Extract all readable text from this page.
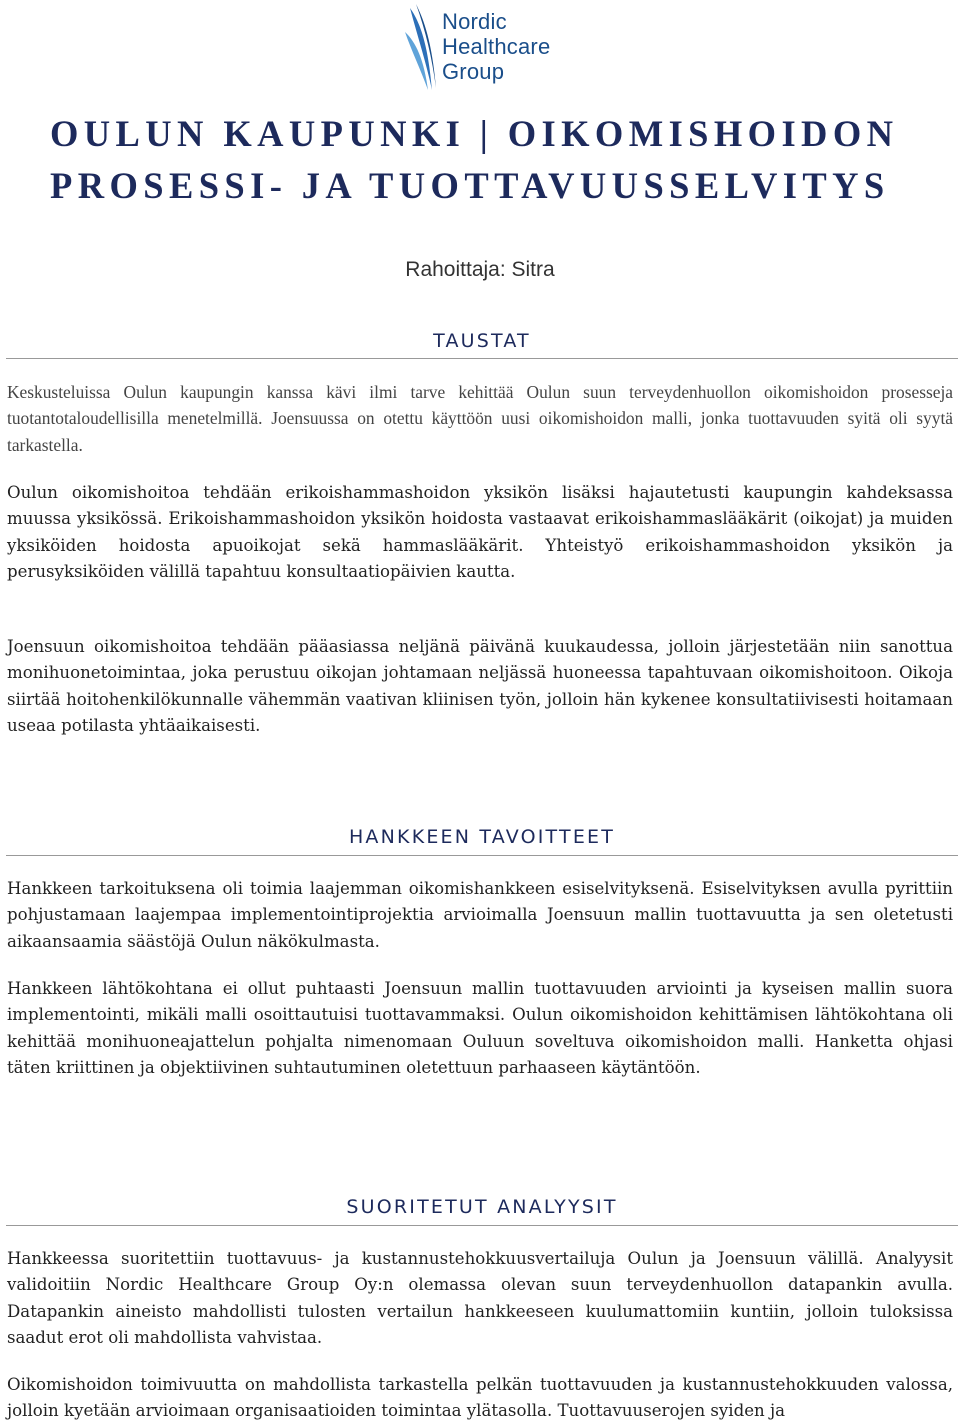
Nordic
Healthcare
Group
OULUN KAUPUNKI | OIKOMISHOIDON
PROSESSI- JA TUOTTAVUUSSELVITYS
Rahoittaja: Sitra
TAUSTAT

Keskusteluissa Oulun kaupungin kanssa kävi ilmi tarve kehittää Oulun suun terveydenhuollon oikomishoidon prosesseja tuotantotaloudellisilla menetelmillä. Joensuussa on otettu käyttöön uusi oikomishoidon malli, jonka tuottavuuden syitä oli syytä tarkastella.

Oulun oikomishoitoa tehdään erikoishammashoidon yksikön lisäksi hajautetusti kaupungin kahdeksassa muussa yksikössä. Erikoishammashoidon yksikön hoidosta vastaavat erikoishammaslääkärit (oikojat) ja muiden yksiköiden hoidosta apuoikojat sekä hammaslääkärit. Yhteistyö erikoishammashoidon yksikön ja perusyksiköiden välillä tapahtuu konsultaatiopäivien kautta.

Joensuun oikomishoitoa tehdään pääasiassa neljänä päivänä kuukaudessa, jolloin järjestetään niin sanottua monihuonetoimintaa, joka perustuu oikojan johtamaan neljässä huoneessa tapahtuvaan oikomishoitoon. Oikoja siirtää hoitohenkilökunnalle vähemmän vaativan kliinisen työn, jolloin hän kykenee konsultatiivisesti hoitamaan useaa potilasta yhtäaikaisesti.

HANKKEEN TAVOITTEET

Hankkeen tarkoituksena oli toimia laajemman oikomishankkeen esiselvityksenä. Esiselvityksen avulla pyrittiin pohjustamaan laajempaa implementointiprojektia arvioimalla Joensuun mallin tuottavuutta ja sen oletetusti aikaansaamia säästöjä Oulun näkökulmasta.

Hankkeen lähtökohtana ei ollut puhtaasti Joensuun mallin tuottavuuden arviointi ja kyseisen mallin suora implementointi, mikäli malli osoittautuisi tuottavammaksi. Oulun oikomishoidon kehittämisen lähtökohtana oli kehittää monihuoneajattelun pohjalta nimenomaan Ouluun soveltuva oikomishoidon malli. Hanketta ohjasi täten kriittinen ja objektiivinen suhtautuminen oletettuun parhaaseen käytäntöön.

SUORITETUT ANALYYSIT

Hankkeessa suoritettiin tuottavuus- ja kustannustehokkuusvertailuja Oulun ja Joensuun välillä. Analyysit validoitiin Nordic Healthcare Group Oy:n olemassa olevan suun terveydenhuollon datapankin avulla. Datapankin aineisto mahdollisti tulosten vertailun hankkeeseen kuulumattomiin kuntiin, jolloin tuloksissa saadut erot oli mahdollista vahvistaa.

Oikomishoidon toimivuutta on mahdollista tarkastella pelkän tuottavuuden ja kustannustehokkuuden valossa, jolloin kyetään arvioimaan organisaatioiden toimintaa ylätasolla. Tuottavuuserojen syiden ja
